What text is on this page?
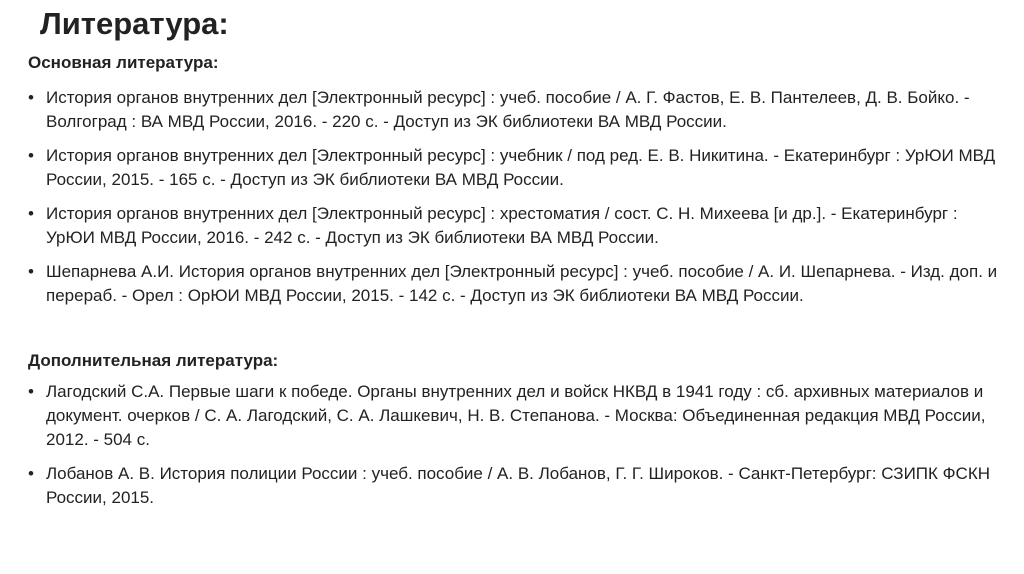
Литература:

Основная литература:

•
История органов внутренних дел [Электронный ресурс] : учеб. пособие / А. Г. Фастов, Е. В. Пантелеев, Д. В. Бойко. - Волгоград : ВА МВД России, 2016. - 220 с. - Доступ из ЭК библиотеки ВА МВД России.
•
История органов внутренних дел [Электронный ресурс] : учебник / под ред. Е. В. Никитина. - Екатеринбург : УрЮИ МВД России, 2015. - 165 с. - Доступ из ЭК библиотеки ВА МВД России.
•
История органов внутренних дел [Электронный ресурс] : хрестоматия / сост. С. Н. Михеева [и др.]. - Екатеринбург : УрЮИ МВД России, 2016. - 242 с. - Доступ из ЭК библиотеки ВА МВД России.
•
Шепарнева А.И. История органов внутренних дел [Электронный ресурс] : учеб. пособие / А. И. Шепарнева. - Изд. доп. и перераб. - Орел : ОрЮИ МВД России, 2015. - 142 с. - Доступ из ЭК библиотеки ВА МВД России.

Дополнительная литература:

•
Лагодский С.А. Первые шаги к победе. Органы внутренних дел и войск НКВД в 1941 году : сб. архивных материалов и документ. очерков / С. А. Лагодский, С. А. Лашкевич, Н. В. Степанова. - Москва: Объединенная редакция МВД России, 2012. - 504 с.
•
Лобанов А. В. История полиции России : учеб. пособие / А. В. Лобанов, Г. Г. Широков. - Санкт-Петербург: СЗИПК ФСКН России, 2015.
